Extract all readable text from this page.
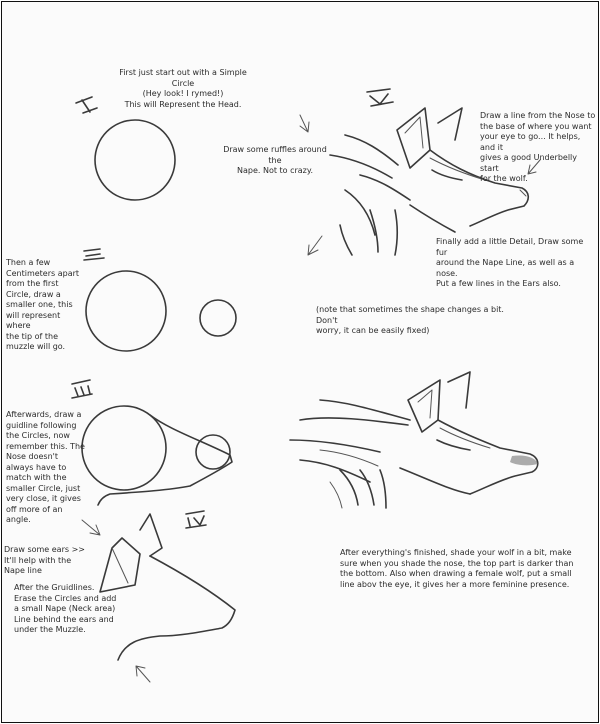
First just start out with a Simple Circle
(Hey look! I rymed!)
This will Represent the Head.
Then a few
Centimeters apart
from the first
Circle, draw a
smaller one, this
will represent where
the tip of the
muzzle will go.
Afterwards, draw a
guidline following
the Circles, now
remember this. The
Nose doesn't
always have to
match with the
smaller Circle, just
very close, it gives
off more of an
angle.
Draw some ears >>
It'll help with the
Nape line
After the Gruidlines.
Erase the Circles and add
a small Nape (Neck area)
Line behind the ears and
under the Muzzle.
Draw some ruffles around the
Nape. Not to crazy.
Draw a line from the Nose to
the base of where you want
your eye to go... It helps, and it
gives a good Underbelly start
for the wolf.
Finally add a little Detail, Draw some fur
around the Nape Line, as well as a nose.
Put a few lines in the Ears also.
(note that sometimes the shape changes a bit. Don't
worry, it can be easily fixed)
After everything's finished, shade your wolf in a bit, make
sure when you shade the nose, the top part is darker than
the bottom. Also when drawing a female wolf, put a small
line abov the eye, it gives her a more feminine presence.
